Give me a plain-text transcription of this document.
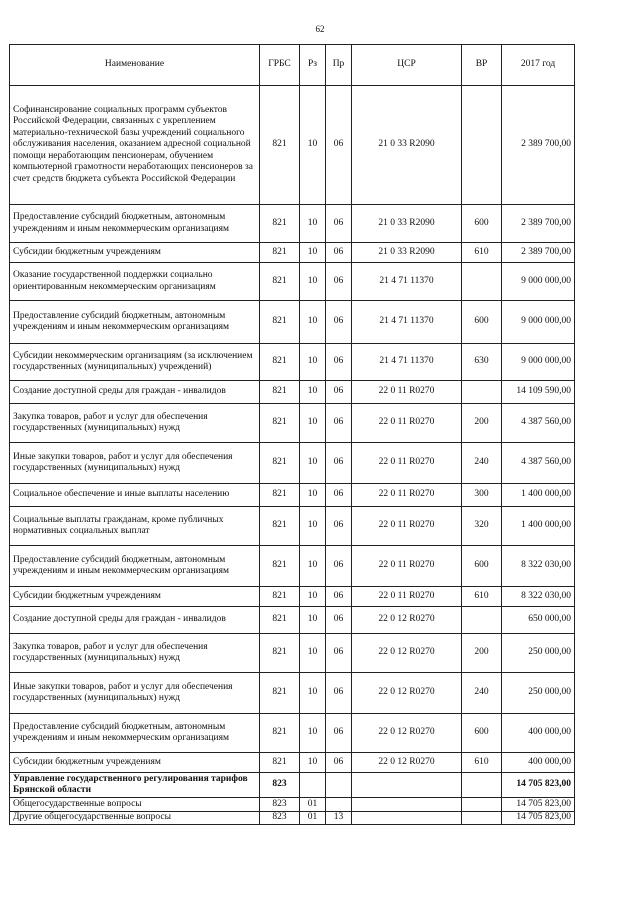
62
Наименование	ГРБС	Рз	Пр	ЦСР	ВР	2017 год
Софинансирование социальных программ субъектов Российской Федерации, связанных с укреплением материально-технической базы учреждений социального обслуживания населения, оказанием адресной социальной помощи неработающим пенсионерам, обучением компьютерной грамотности неработающих пенсионеров за счет средств бюджета субъекта Российской Федерации	821	10	06	21 0 33 R2090		2 389 700,00
Предоставление субсидий бюджетным, автономным учреждениям и иным некоммерческим организациям	821	10	06	21 0 33 R2090	600	2 389 700,00
Субсидии бюджетным учреждениям	821	10	06	21 0 33 R2090	610	2 389 700,00
Оказание государственной поддержки социально ориентированным некоммерческим организациям	821	10	06	21 4 71 11370		9 000 000,00
Предоставление субсидий бюджетным, автономным учреждениям и иным некоммерческим организациям	821	10	06	21 4 71 11370	600	9 000 000,00
Субсидии некоммерческим организациям (за исключением государственных (муниципальных) учреждений)	821	10	06	21 4 71 11370	630	9 000 000,00
Создание доступной среды для граждан - инвалидов	821	10	06	22 0 11 R0270		14 109 590,00
Закупка товаров, работ и услуг для обеспечения государственных (муниципальных) нужд	821	10	06	22 0 11 R0270	200	4 387 560,00
Иные закупки товаров, работ и услуг для обеспечения государственных (муниципальных) нужд	821	10	06	22 0 11 R0270	240	4 387 560,00
Социальное обеспечение и иные выплаты населению	821	10	06	22 0 11 R0270	300	1 400 000,00
Социальные выплаты гражданам, кроме публичных нормативных социальных выплат	821	10	06	22 0 11 R0270	320	1 400 000,00
Предоставление субсидий бюджетным, автономным учреждениям и иным некоммерческим организациям	821	10	06	22 0 11 R0270	600	8 322 030,00
Субсидии бюджетным учреждениям	821	10	06	22 0 11 R0270	610	8 322 030,00
Создание доступной среды для граждан - инвалидов	821	10	06	22 0 12 R0270		650 000,00
Закупка товаров, работ и услуг для обеспечения государственных (муниципальных) нужд	821	10	06	22 0 12 R0270	200	250 000,00
Иные закупки товаров, работ и услуг для обеспечения государственных (муниципальных) нужд	821	10	06	22 0 12 R0270	240	250 000,00
Предоставление субсидий бюджетным, автономным учреждениям и иным некоммерческим организациям	821	10	06	22 0 12 R0270	600	400 000,00
Субсидии бюджетным учреждениям	821	10	06	22 0 12 R0270	610	400 000,00
Управление государственного регулирования тарифов Брянской области	823					14 705 823,00
Общегосударственные вопросы	823	01				14 705 823,00
Другие общегосударственные вопросы	823	01	13			14 705 823,00
